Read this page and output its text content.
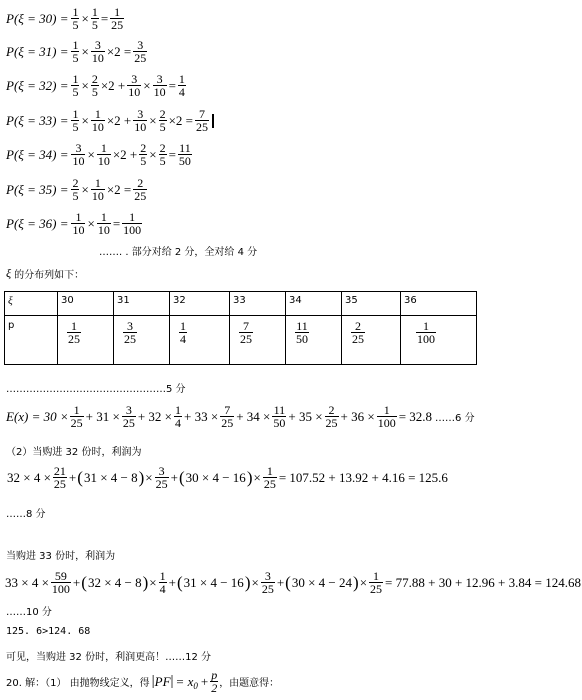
$P(\xi = 30) = \frac{1}{5} \times \frac{1}{5} = \frac{1}{25}$
$P(\xi = 31) = \frac{1}{5} \times \frac{3}{10} \times 2 = \frac{3}{25}$
$P(\xi = 32) = \frac{1}{5} \times \frac{2}{5} \times 2 + \frac{3}{10} \times \frac{3}{10} = \frac{1}{4}$
$P(\xi = 33) = \frac{1}{5} \times \frac{1}{10} \times 2 + \frac{3}{10} \times \frac{2}{5} \times 2 = \frac{7}{25}$
$P(\xi = 34) = \frac{3}{10} \times \frac{1}{10} \times 2 + \frac{2}{5} \times \frac{2}{5} = \frac{11}{50}$
$P(\xi = 35) = \frac{2}{5} \times \frac{1}{10} \times 2 = \frac{2}{25}$
$P(\xi = 36) = \frac{1}{10} \times \frac{1}{10} = \frac{1}{100}$
……. . 部分对给 2 分，全对给 4 分
ξ 的分布列如下：
ξ	30	31	32	33	34	35	36
p	$\frac{1}{25}$	$\frac{3}{25}$	$\frac{1}{4}$	$\frac{7}{25}$	$\frac{11}{50}$	$\frac{2}{25}$	$\frac{1}{100}$
…………………………………………5 分
$E(x) = 30 \times \frac{1}{25} + 31 \times \frac{3}{25} + 32 \times \frac{1}{4} + 33 \times \frac{7}{25} + 34 \times \frac{11}{50} + 35 \times \frac{2}{25} + 36 \times \frac{1}{100} = 32.8$ ……6 分
（2）当购进 32 份时，利润为
$32 \times 4 \times \frac{21}{25}$ + ( 31 × 4 − 8 ) × $\frac{3}{25}$ + ( 30 × 4 − 16 ) × $\frac{1}{25} = 107.52 + 13.92 + 4.16 = 125.6$
……8 分
当购进 33 份时，利润为
$33 \times 4 \times \frac{59}{100}$ + ( 32 × 4 − 8 ) × $\frac{1}{4}$ + ( 31 × 4 − 16 ) × $\frac{3}{25}$ + ( 30 × 4 − 24 ) × $\frac{1}{25} = 77.88 + 30 + 12.96 + 3.84 = 124.68$
……10 分
125. 6>124. 68
可见，当购进 32 份时，利润更高！……12 分
20. 解：（1） 由抛物线定义，得 | PF | = x $0 + \frac{p}{2}$ ，由题意得：
